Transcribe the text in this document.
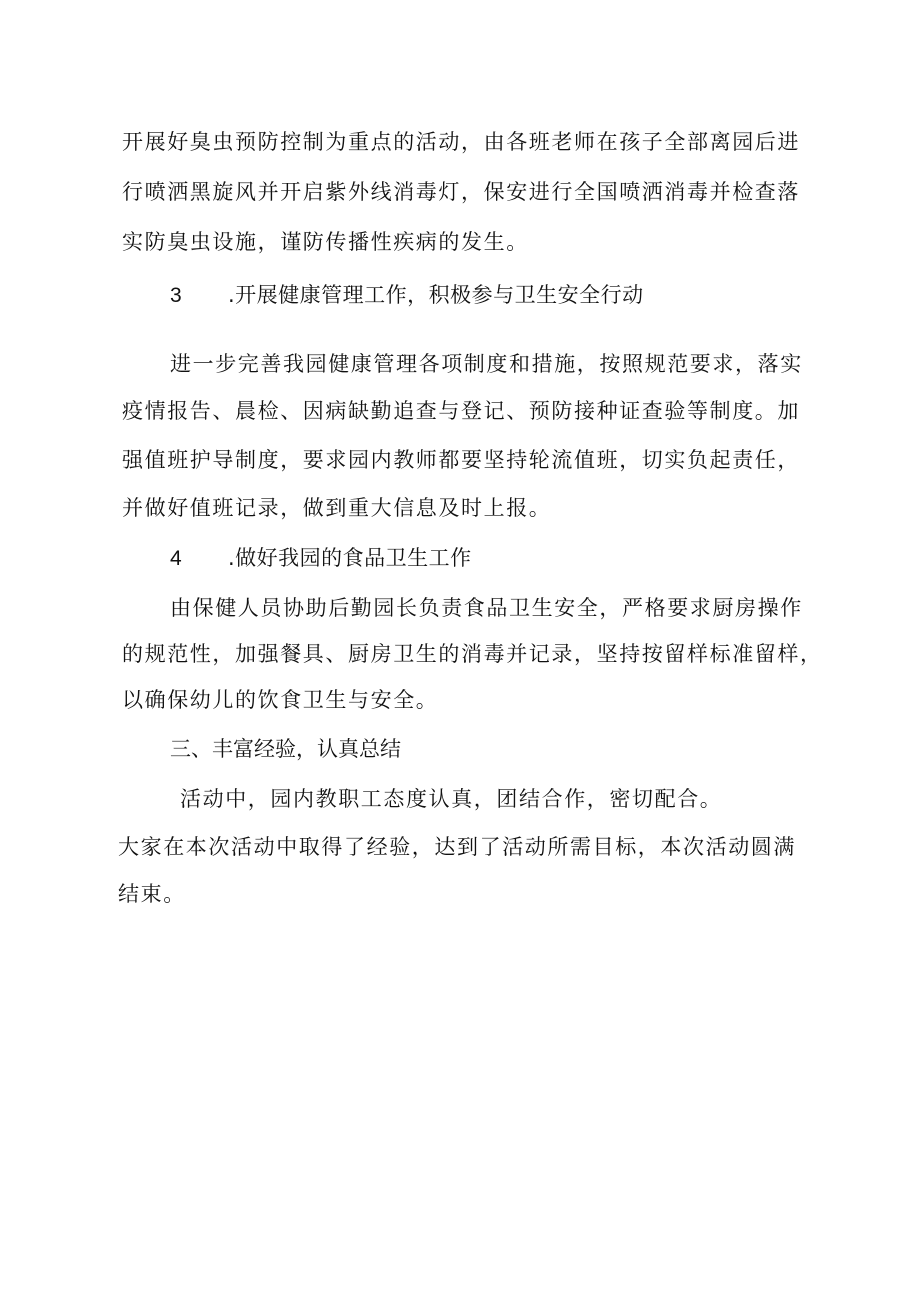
开展好臭虫预防控制为重点的活动，由各班老师在孩子全部离园后进
行喷洒黑旋风并开启紫外线消毒灯，保安进行全国喷洒消毒并检查落
实防臭虫设施，谨防传播性疾病的发生。
3 .开展健康管理工作，积极参与卫生安全行动
进一步完善我园健康管理各项制度和措施，按照规范要求，落实
疫情报告、晨检、因病缺勤追查与登记、预防接种证查验等制度。加
强值班护导制度，要求园内教师都要坚持轮流值班，切实负起责任，
并做好值班记录，做到重大信息及时上报。
4 .做好我园的食品卫生工作
由保健人员协助后勤园长负责食品卫生安全，严格要求厨房操作
的规范性，加强餐具、厨房卫生的消毒并记录，坚持按留样标准留样，
以确保幼儿的饮食卫生与安全。
三、丰富经验，认真总结
活动中，园内教职工态度认真，团结合作，密切配合。
大家在本次活动中取得了经验，达到了活动所需目标，本次活动圆满
结束。
